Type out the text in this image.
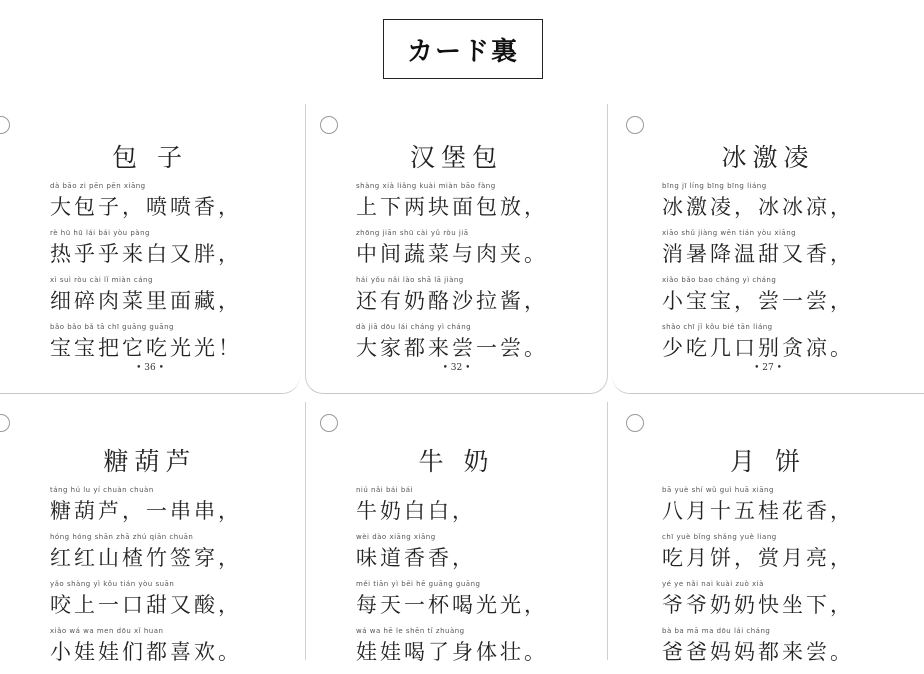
カード裏
包 子
dà bāo zi pēn pēn xiāng
大包子，喷喷香，
rè hū hū lái bái yòu pàng
热乎乎来白又胖，
xì suì ròu cài lǐ miàn cáng
细碎肉菜里面藏，
bǎo bǎo bǎ tā chī guāng guāng
宝宝把它吃光光！
• 36 •
汉堡包
shàng xià liǎng kuài miàn bāo fàng
上下两块面包放，
zhōng jiān shū cài yǔ ròu jiā
中间蔬菜与肉夹。
hái yǒu nǎi lào shā lā jiàng
还有奶酪沙拉酱，
dà jiā dōu lái cháng yì cháng
大家都来尝一尝。
• 32 •
冰激凌
bīng jī líng bīng bīng liáng
冰激凌，冰冰凉，
xiāo shǔ jiàng wēn tián yòu xiāng
消暑降温甜又香，
xiǎo bǎo bao cháng yì cháng
小宝宝，尝一尝，
shǎo chī jǐ kǒu bié tān liáng
少吃几口别贪凉。
• 27 •
糖葫芦
táng hú lu yí chuàn chuàn
糖葫芦，一串串，
hóng hóng shān zhā zhú qiān chuān
红红山楂竹签穿，
yǎo shàng yì kǒu tián yòu suān
咬上一口甜又酸，
xiǎo wá wa men dōu xǐ huan
小娃娃们都喜欢。
牛 奶
niú nǎi bái bái
牛奶白白，
wèi dào xiāng xiāng
味道香香，
měi tiān yì bēi hē guāng guāng
每天一杯喝光光，
wá wa hē le shēn tǐ zhuàng
娃娃喝了身体壮。
月 饼
bā yuè shí wǔ guì huā xiāng
八月十五桂花香，
chī yuè bǐng shǎng yuè liang
吃月饼，赏月亮，
yé ye nǎi nai kuài zuò xià
爷爷奶奶快坐下，
bà ba mā ma dōu lái cháng
爸爸妈妈都来尝。
